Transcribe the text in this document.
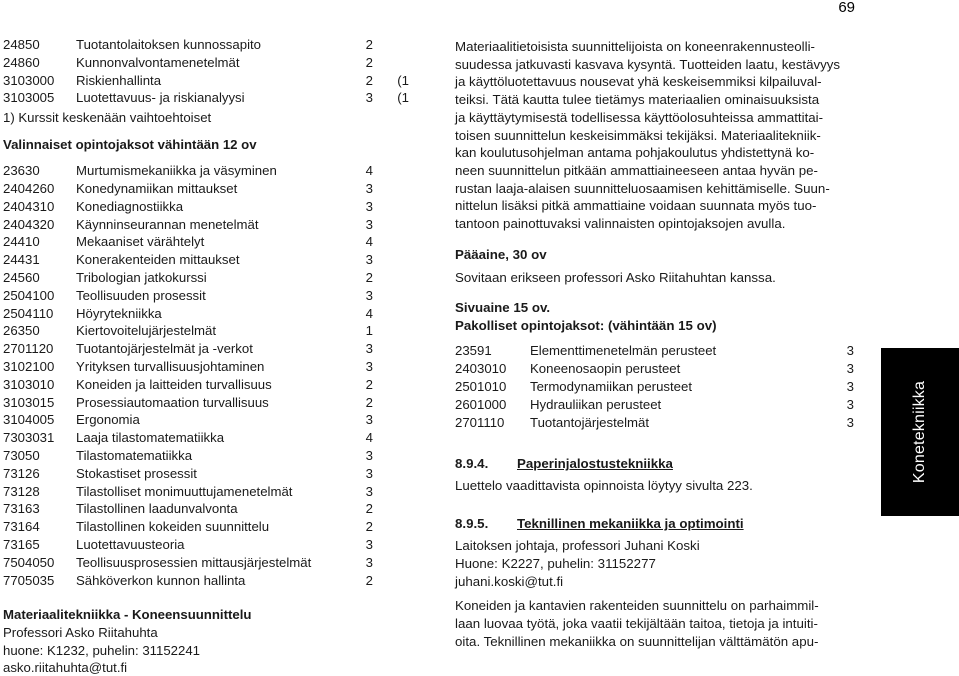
69
24850	Tuotantolaitoksen kunnossapito	2
24860	Kunnonvalvontamenetelmät	2
3103000 Riskienhallinta	2 (1
3103005 Luotettavuus- ja riskianalyysi	3 (1
1) Kurssit keskenään vaihtoehtoiset
Valinnaiset opintojaksot vähintään 12 ov
23630	Murtumismekaniikka ja väsyminen	4
2404260 Konedynamiikan mittaukset	3
2404310 Konediagnostiikka	3
2404320 Käynninseurannan menetelmät	3
24410	Mekaaniset värähtelyt	4
24431	Konerakenteiden mittaukset	3
24560	Tribologian jatkokurssi	2
2504100 Teollisuuden prosessit	3
2504110 Höyrytekniikka	4
26350	Kiertovoitelujärjestelmät	1
2701120 Tuotantojärjestelmät ja -verkot	3
3102100 Yrityksen turvallisuusjohtaminen	3
3103010 Koneiden ja laitteiden turvallisuus	2
3103015 Prosessiautomaation turvallisuus	2
3104005 Ergonomia	3
7303031 Laaja tilastomatematiikka	4
73050	Tilastomatematiikka	3
73126	Stokastiset prosessit	3
73128	Tilastolliset monimuuttujamenetelmät	3
73163	Tilastollinen laadunvalvonta	2
73164	Tilastollinen kokeiden suunnittelu	2
73165	Luotettavuusteoria	3
7504050 Teollisuusprosessien mittausjärjestelmät	3
7705035 Sähköverkon kunnon hallinta	2
Materiaalitekniikka - Koneensuunnittelu
Professori Asko Riitahuhta
huone: K1232, puhelin: 31152241
asko.riitahuhta@tut.fi
Materiaalitietoisista suunnittelijoista on koneenrakennusteolli-
suudessa jatkuvasti kasvava kysyntä. Tuotteiden laatu, kestävyys
ja käyttöluotettavuus nousevat yhä keskeisemmiksi kilpailuval-
teiksi. Tätä kautta tulee tietämys materiaalien ominaisuuksista
ja käyttäytymisestä todellisessa käyttöolosuhteissa ammattitai-
toisen suunnittelun keskeisimmäksi tekijäksi. Materiaalitekniik-
kan koulutusohjelman antama pohjakoulutus yhdistettynä ko-
neen suunnittelun pitkään ammattiaineeseen antaa hyvän pe-
rustan laaja-alaisen suunnitteluosaamisen kehittämiselle. Suun-
nittelun lisäksi pitkä ammattiaine voidaan suunnata myös tuo-
tantoon painottuvaksi valinnaisten opintojaksojen avulla.

Pääaine, 30 ov

Sovitaan erikseen professori Asko Riitahuhtan kanssa.

Sivuaine 15 ov.

Pakolliset opintojaksot: (vähintään 15 ov)

23591	Elementtimenetelmän perusteet	3
2403010 Koneenosaopin perusteet	3
2501010 Termodynamiikan perusteet	3
2601000 Hydrauliikan perusteet	3
2701110 Tuotantojärjestelmät	3

8.9.4. Paperinjalostustekniikka

Luettelo vaadittavista opinnoista löytyy sivulta 223.

8.9.5. Teknillinen mekaniikka ja optimointi

Laitoksen johtaja, professori Juhani Koski
Huone: K2227, puhelin: 31152277
juhani.koski@tut.fi
Koneiden ja kantavien rakenteiden suunnittelu on parhaimmil-
laan luovaa työtä, joka vaatii tekijältään taitoa, tietoja ja intuiti-
oita. Teknillinen mekaniikka on suunnittelijan välttämätön apu-
Konetekniikka
